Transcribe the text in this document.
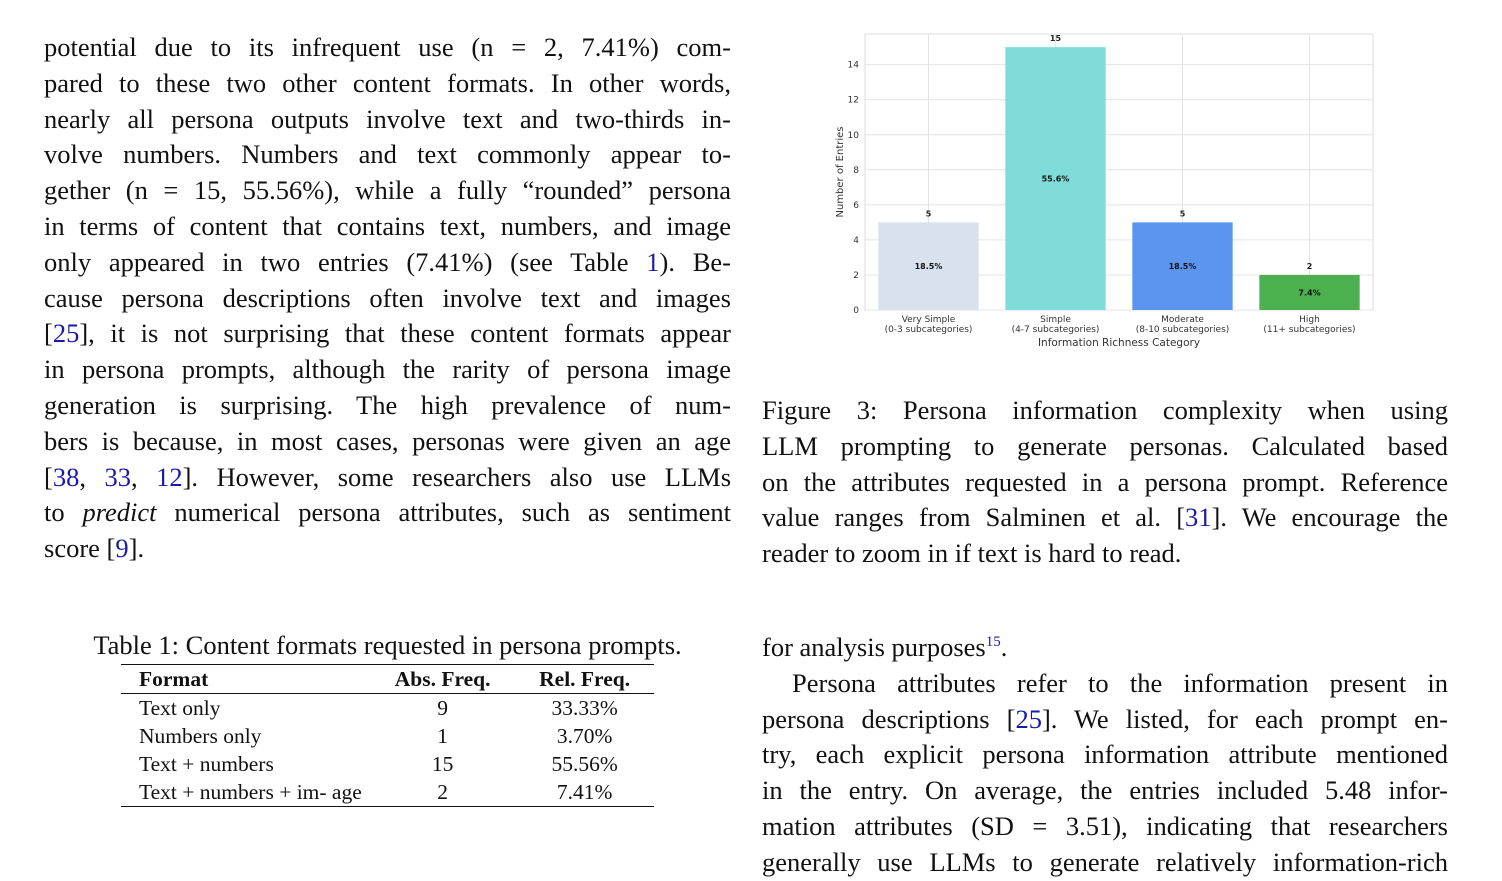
potential due to its infrequent use (n = 2, 7.41%) com-
pared to these two other content formats. In other words,
nearly all persona outputs involve text and two-thirds in-
volve numbers. Numbers and text commonly appear to-
gether (n = 15, 55.56%), while a fully “rounded” persona
in terms of content that contains text, numbers, and image
only appeared in two entries (7.41%) (see Table 1). Be-
cause persona descriptions often involve text and images
[25], it is not surprising that these content formats appear
in persona prompts, although the rarity of persona image
generation is surprising. The high prevalence of num-
bers is because, in most cases, personas were given an age
[38, 33, 12]. However, some researchers also use LLMs
to predict numerical persona attributes, such as sentiment
score [9].
0
2
4
6
8
10
12
14
5
18.5%
Very Simple
(0-3 subcategories)
15
55.6%
Simple
(4-7 subcategories)
5
18.5%
Moderate
(8-10 subcategories)
2
7.4%
High
(11+ subcategories)
Information Richness Category
Number of Entries
Figure 3: Persona information complexity when using
LLM prompting to generate personas. Calculated based
on the attributes requested in a persona prompt. Reference
value ranges from Salminen et al. [31]. We encourage the
reader to zoom in if text is hard to read.
Table 1: Content formats requested in persona prompts.
Format	Abs. Freq.	Rel. Freq.
Text only	9	33.33%
Numbers only	1	3.70%
Text + numbers	15	55.56%
Text + numbers + im- age	2	7.41%
for analysis purposes$^{15}$.
Persona attributes refer to the information present in
persona descriptions [25]. We listed, for each prompt en-
try, each explicit persona information attribute mentioned
in the entry. On average, the entries included 5.48 infor-
mation attributes (SD = 3.51), indicating that researchers
generally use LLMs to generate relatively information-rich
